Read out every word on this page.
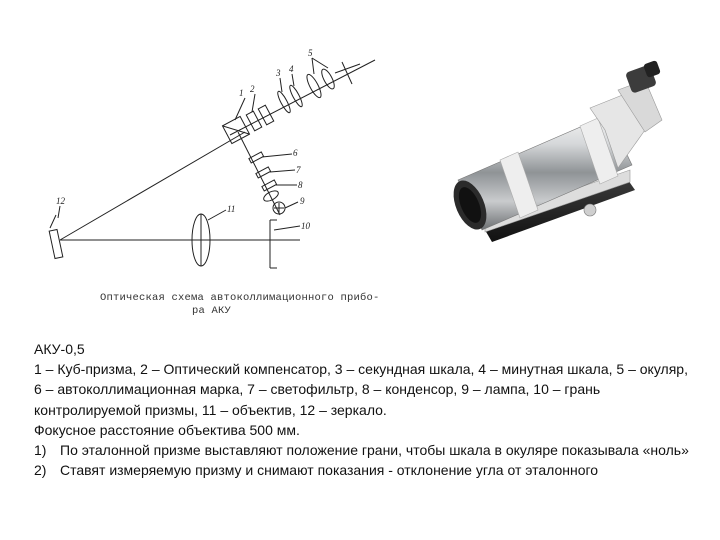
1 2
3 4
5
6
7
8
9
10
11
12
Оптическая схема автоколлимационного прибо-
ра АКУ

АКУ-0,5

1 – Куб-призма, 2 – Оптический компенсатор, 3 – секундная шкала, 4 – минутная шкала, 5 – окуляр, 6 – автоколлимационная марка, 7 – светофильтр, 8 – конденсор, 9 – лампа, 10 – грань контролируемой призмы, 11 – объектив, 12 – зеркало.

Фокусное расстояние объектива 500 мм.

1) По эталонной призме выставляют положение грани, чтобы шкала в окуляре показывала «ноль»
2) Ставят измеряемую призму и снимают показания - отклонение угла от эталонного
